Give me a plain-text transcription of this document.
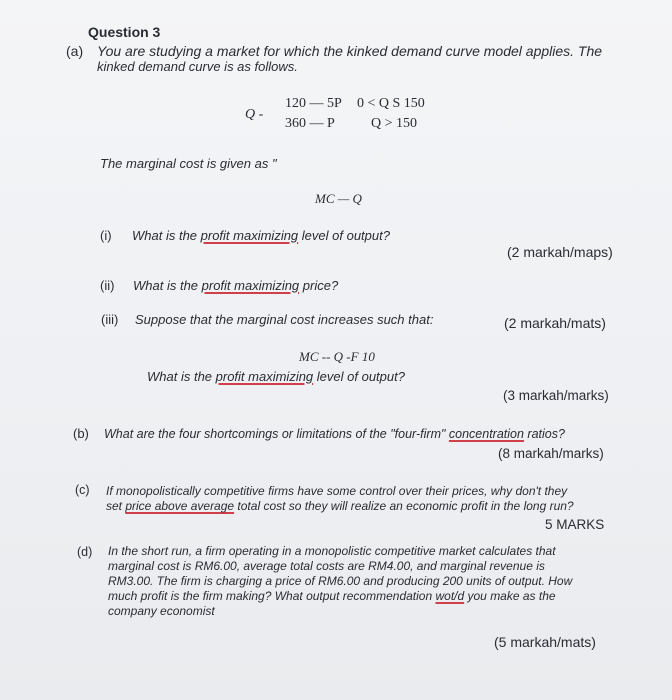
Question 3
(a) You are studying a market for which the kinked demand curve model applies. The
kinked demand curve is as follows.
Q -
120 — 5P 0 < Q S 150
360 — P	Q > 150
The marginal cost is given as "
MC — Q
(i) What is the profit maximizing level of output?
(2 markah/maps)
(ii) What is the profit maximizing price?
(iii) Suppose that the marginal cost increases such that:	(2 markah/mats)
MC -- Q -F 10
What is the profit maximizing level of output?
(3 markah/marks)
(b) What are the four shortcomings or limitations of the "four-firm" concentration ratios?
(8 markah/marks)
(c) If monopolistically competitive firms have some control over their prices, why don't they
set price above average total cost so they will realize an economic profit in the long run?
5 MARKS
(d) In the short run, a firm operating in a monopolistic competitive market calculates that
marginal cost is RM6.00, average total costs are RM4.00, and marginal revenue is
RM3.00. The firm is charging a price of RM6.00 and producing 200 units of output. How
much profit is the firm making? What output recommendation wot/d you make as the
company economist
(5 markah/mats)
